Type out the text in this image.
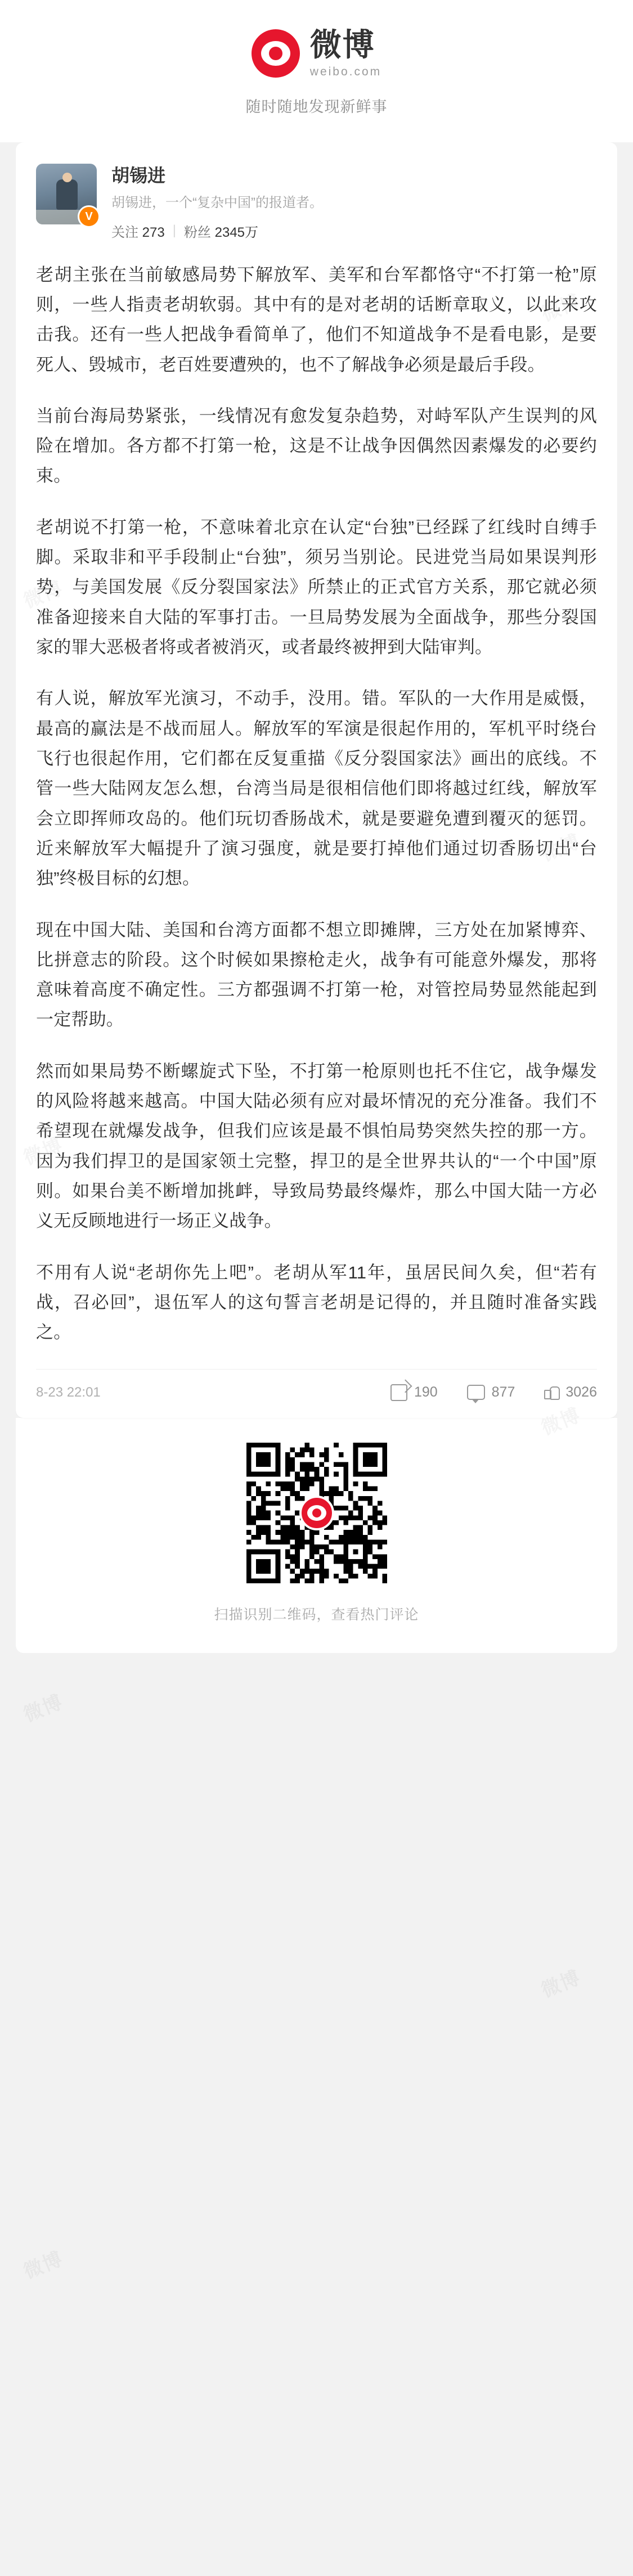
微博
weibo.com
随时随地发现新鲜事
V
胡锡进
胡锡进，一个“复杂中国”的报道者。
关注 273 | 粉丝 2345万

老胡主张在当前敏感局势下解放军、美军和台军都恪守“不打第一枪”原则，一些人指责老胡软弱。其中有的是对老胡的话断章取义，以此来攻击我。还有一些人把战争看简单了，他们不知道战争不是看电影，是要死人、毁城市，老百姓要遭殃的，也不了解战争必须是最后手段。

当前台海局势紧张，一线情况有愈发复杂趋势，对峙军队产生误判的风险在增加。各方都不打第一枪，这是不让战争因偶然因素爆发的必要约束。

老胡说不打第一枪，不意味着北京在认定“台独”已经踩了红线时自缚手脚。采取非和平手段制止“台独”，须另当别论。民进党当局如果误判形势，与美国发展《反分裂国家法》所禁止的正式官方关系，那它就必须准备迎接来自大陆的军事打击。一旦局势发展为全面战争，那些分裂国家的罪大恶极者将或者被消灭，或者最终被押到大陆审判。

有人说，解放军光演习，不动手，没用。错。军队的一大作用是威慑，最高的赢法是不战而屈人。解放军的军演是很起作用的，军机平时绕台飞行也很起作用，它们都在反复重描《反分裂国家法》画出的底线。不管一些大陆网友怎么想，台湾当局是很相信他们即将越过红线，解放军会立即挥师攻岛的。他们玩切香肠战术，就是要避免遭到覆灭的惩罚。近来解放军大幅提升了演习强度，就是要打掉他们通过切香肠切出“台独”终极目标的幻想。

现在中国大陆、美国和台湾方面都不想立即摊牌，三方处在加紧博弈、比拼意志的阶段。这个时候如果擦枪走火，战争有可能意外爆发，那将意味着高度不确定性。三方都强调不打第一枪，对管控局势显然能起到一定帮助。

然而如果局势不断螺旋式下坠，不打第一枪原则也托不住它，战争爆发的风险将越来越高。中国大陆必须有应对最坏情况的充分准备。我们不希望现在就爆发战争，但我们应该是最不惧怕局势突然失控的那一方。因为我们捍卫的是国家领土完整，捍卫的是全世界共认的“一个中国”原则。如果台美不断增加挑衅，导致局势最终爆炸，那么中国大陆一方必义无反顾地进行一场正义战争。

不用有人说“老胡你先上吧”。老胡从军11年，虽居民间久矣，但“若有战，召必回”，退伍军人的这句誓言老胡是记得的，并且随时准备实践之。

8-23 22:01	190	877	3026
扫描识别二维码，查看热门评论
